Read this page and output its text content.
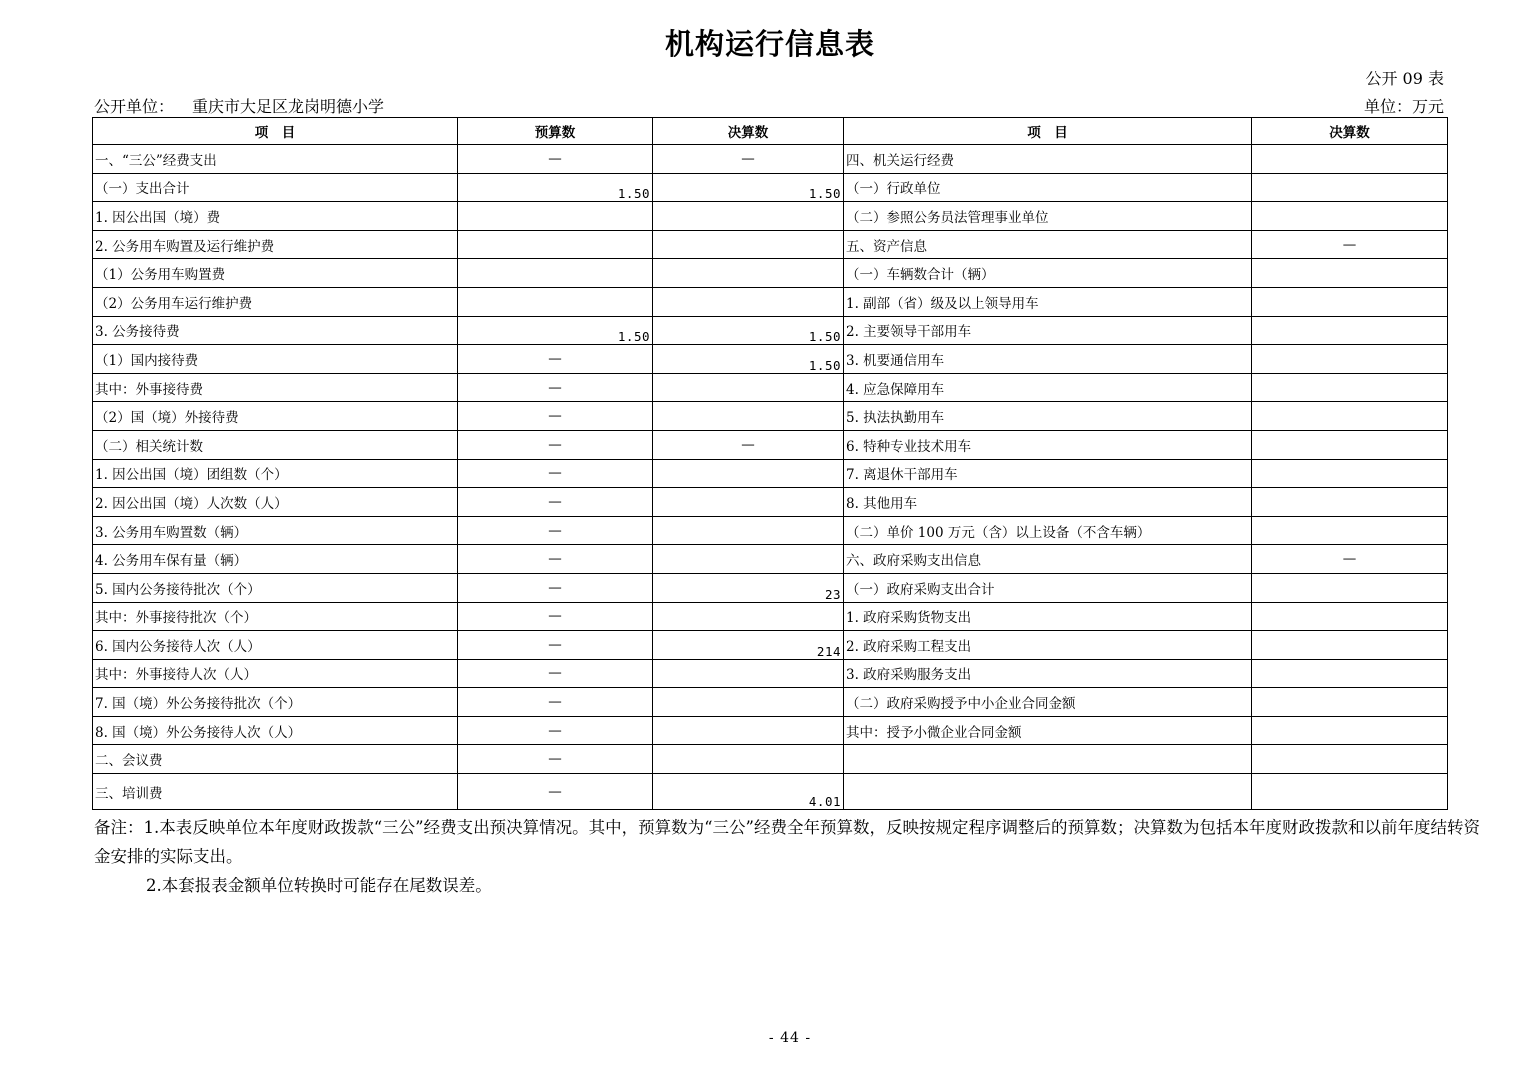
机构运行信息表
公开 09 表
公开单位： 重庆市大足区龙岗明德小学	单位：万元
项　目	预算数	决算数	项　目	决算数
一、“三公”经费支出	—	—	四、机关运行经费	
（一）支出合计	1.50	1.50	（一）行政单位	
1. 因公出国（境）费			（二）参照公务员法管理事业单位	
2. 公务用车购置及运行维护费			五、资产信息	—
（1）公务用车购置费			（一）车辆数合计（辆）	
（2）公务用车运行维护费			1. 副部（省）级及以上领导用车	
3. 公务接待费	1.50	1.50	2. 主要领导干部用车	
（1）国内接待费	—	1.50	3. 机要通信用车	
其中：外事接待费	—		4. 应急保障用车	
（2）国（境）外接待费	—		5. 执法执勤用车	
（二）相关统计数	—	—	6. 特种专业技术用车	
1. 因公出国（境）团组数（个）	—		7. 离退休干部用车	
2. 因公出国（境）人次数（人）	—		8. 其他用车	
3. 公务用车购置数（辆）	—		（二）单价 100 万元（含）以上设备（不含车辆）	
4. 公务用车保有量（辆）	—		六、政府采购支出信息	—
5. 国内公务接待批次（个）	—	23	（一）政府采购支出合计	
其中：外事接待批次（个）	—		1. 政府采购货物支出	
6. 国内公务接待人次（人）	—	214	2. 政府采购工程支出	
其中：外事接待人次（人）	—		3. 政府采购服务支出	
7. 国（境）外公务接待批次（个）	—		（二）政府采购授予中小企业合同金额	
8. 国（境）外公务接待人次（人）	—		其中：授予小微企业合同金额	
二、会议费	—			
三、培训费	—	4.01		
备注：1.本表反映单位本年度财政拨款“三公”经费支出预决算情况。其中，预算数为“三公”经费全年预算数，反映按规定程序调整后的预算数；决算数为包括本年度财政拨款和以前年度结转资金安排的实际支出。
2.本套报表金额单位转换时可能存在尾数误差。
- 44 -
